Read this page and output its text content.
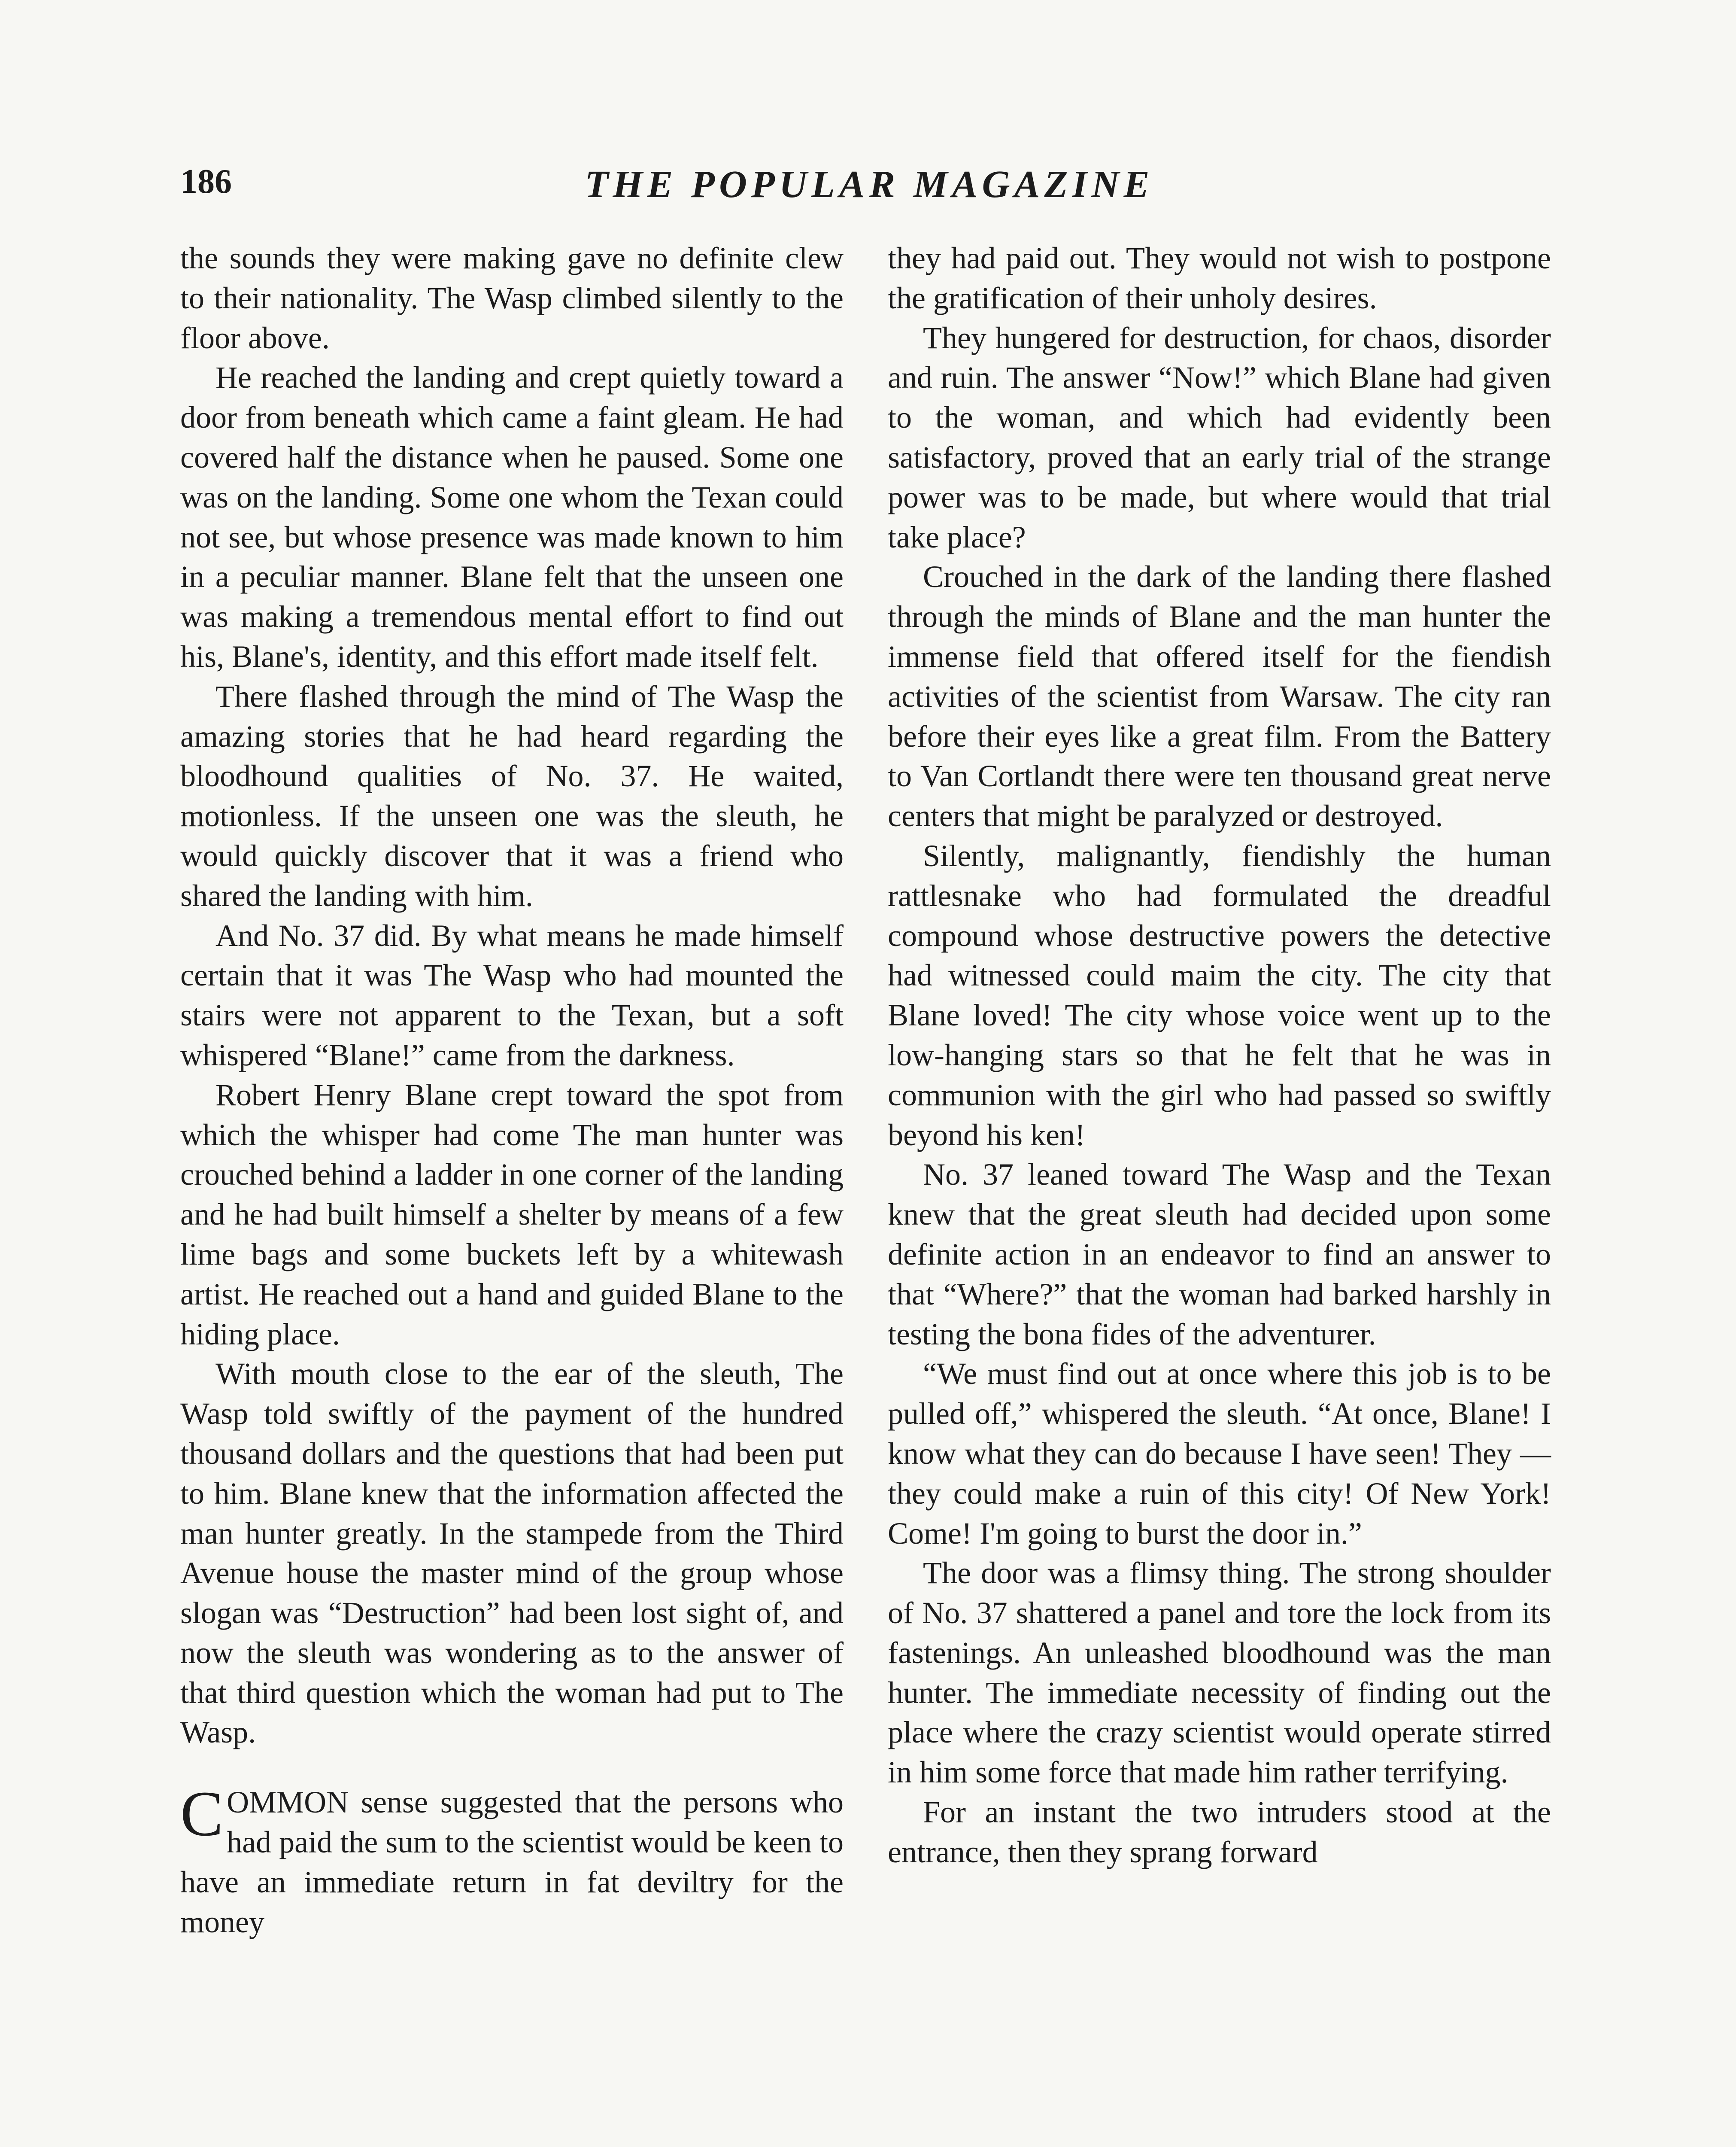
186	THE POPULAR MAGAZINE

the sounds they were making gave no definite clew to their nationality. The Wasp climbed silently to the floor above.

He reached the landing and crept quietly toward a door from beneath which came a faint gleam. He had covered half the distance when he paused. Some one was on the landing. Some one whom the Texan could not see, but whose presence was made known to him in a peculiar manner. Blane felt that the unseen one was making a tremendous mental effort to find out his, Blane's, identity, and this effort made itself felt.

There flashed through the mind of The Wasp the amazing stories that he had heard regarding the bloodhound qualities of No. 37. He waited, motionless. If the unseen one was the sleuth, he would quickly discover that it was a friend who shared the landing with him.

And No. 37 did. By what means he made himself certain that it was The Wasp who had mounted the stairs were not apparent to the Texan, but a soft whispered “Blane!” came from the darkness.

Robert Henry Blane crept toward the spot from which the whisper had come The man hunter was crouched behind a ladder in one corner of the landing and he had built himself a shelter by means of a few lime bags and some buckets left by a whitewash artist. He reached out a hand and guided Blane to the hiding place.

With mouth close to the ear of the sleuth, The Wasp told swiftly of the payment of the hundred thousand dollars and the questions that had been put to him. Blane knew that the information affected the man hunter greatly. In the stampede from the Third Avenue house the master mind of the group whose slogan was “Destruction” had been lost sight of, and now the sleuth was wondering as to the answer of that third question which the woman had put to The Wasp.

COMMON sense suggested that the persons who had paid the sum to the scientist would be keen to have an immediate return in fat deviltry for the money

they had paid out. They would not wish to postpone the gratification of their unholy desires.

They hungered for destruction, for chaos, disorder and ruin. The answer “Now!” which Blane had given to the woman, and which had evidently been satisfactory, proved that an early trial of the strange power was to be made, but where would that trial take place?

Crouched in the dark of the landing there flashed through the minds of Blane and the man hunter the immense field that offered itself for the fiendish activities of the scientist from Warsaw. The city ran before their eyes like a great film. From the Battery to Van Cortlandt there were ten thousand great nerve centers that might be paralyzed or destroyed.

Silently, malignantly, fiendishly the human rattlesnake who had formulated the dreadful compound whose destructive powers the detective had witnessed could maim the city. The city that Blane loved! The city whose voice went up to the low-hanging stars so that he felt that he was in communion with the girl who had passed so swiftly beyond his ken!

No. 37 leaned toward The Wasp and the Texan knew that the great sleuth had decided upon some definite action in an endeavor to find an answer to that “Where?” that the woman had barked harshly in testing the bona fides of the adventurer.

“We must find out at once where this job is to be pulled off,” whispered the sleuth. “At once, Blane! I know what they can do because I have seen! They —they could make a ruin of this city! Of New York! Come! I'm going to burst the door in.”

The door was a flimsy thing. The strong shoulder of No. 37 shattered a panel and tore the lock from its fastenings. An unleashed bloodhound was the man hunter. The immediate necessity of finding out the place where the crazy scientist would operate stirred in him some force that made him rather terrifying.

For an instant the two intruders stood at the entrance, then they sprang forward
